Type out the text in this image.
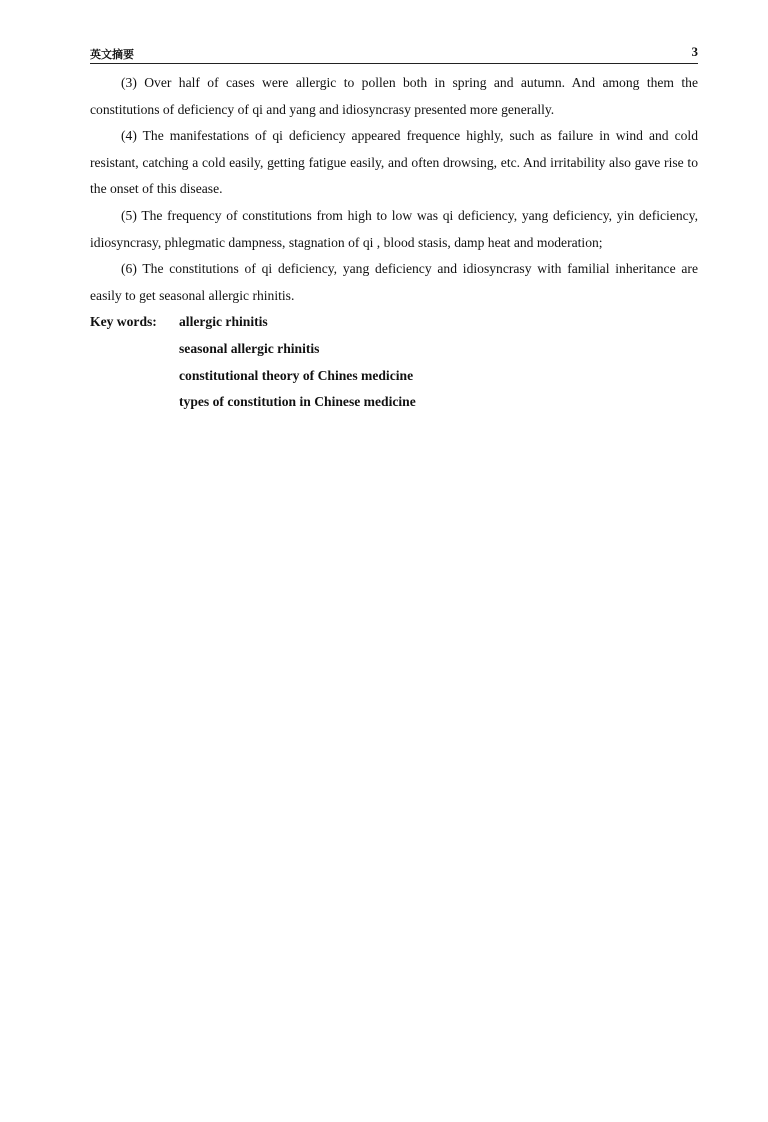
英文摘要	3

(3) Over half of cases were allergic to pollen both in spring and autumn. And among them the constitutions of deficiency of qi and yang and idiosyncrasy presented more generally.

(4) The manifestations of qi deficiency appeared frequence highly, such as failure in wind and cold resistant, catching a cold easily, getting fatigue easily, and often drowsing, etc. And irritability also gave rise to the onset of this disease.

(5) The frequency of constitutions from high to low was qi deficiency, yang deficiency, yin deficiency, idiosyncrasy, phlegmatic dampness, stagnation of qi , blood stasis, damp heat and moderation;

(6) The constitutions of qi deficiency, yang deficiency and idiosyncrasy with familial inheritance are easily to get seasonal allergic rhinitis.

Key words:	allergic rhinitis
seasonal allergic rhinitis
constitutional theory of Chines medicine
types of constitution in Chinese medicine
